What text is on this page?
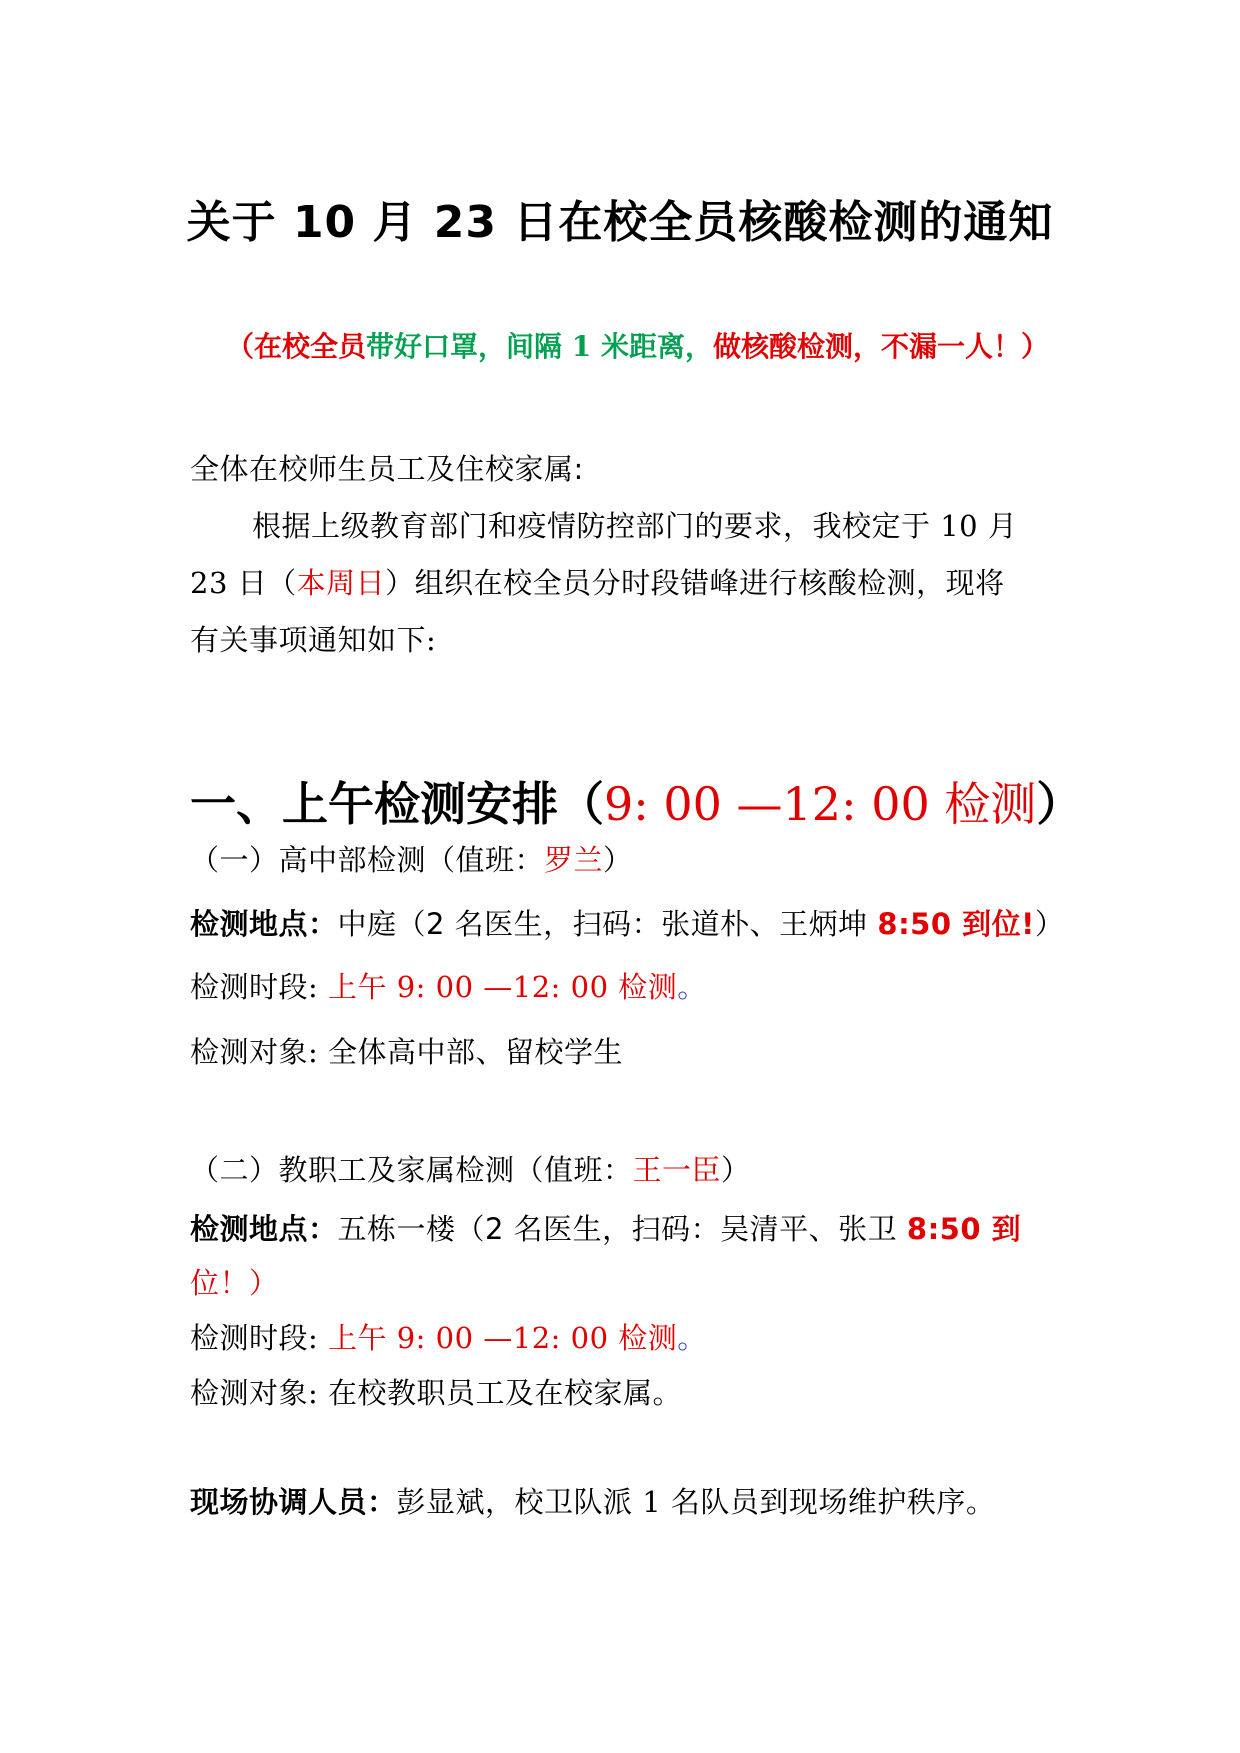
关于 10 月 23 日在校全员核酸检测的通知
（在校全员带好口罩，间隔 1 米距离，做核酸检测，不漏一人！）
全体在校师生员工及住校家属:
根据上级教育部门和疫情防控部门的要求，我校定于 10 月
23 日（本周日）组织在校全员分时段错峰进行核酸检测，现将
有关事项通知如下:
一、上午检测安排（9: 00 —12: 00 检测）
（一）高中部检测（值班：罗兰）
检测地点：中庭（2 名医生，扫码：张道朴、王炳坤 8:50 到位!）
检测时段: 上午 9: 00 —12: 00 检测。
检测对象: 全体高中部、留校学生
（二）教职工及家属检测（值班：王一臣）
检测地点：五栋一楼（2 名医生，扫码：吴清平、张卫 8:50 到
位！）
检测时段: 上午 9: 00 —12: 00 检测。
检测对象: 在校教职员工及在校家属。
现场协调人员：彭显斌，校卫队派 1 名队员到现场维护秩序。
